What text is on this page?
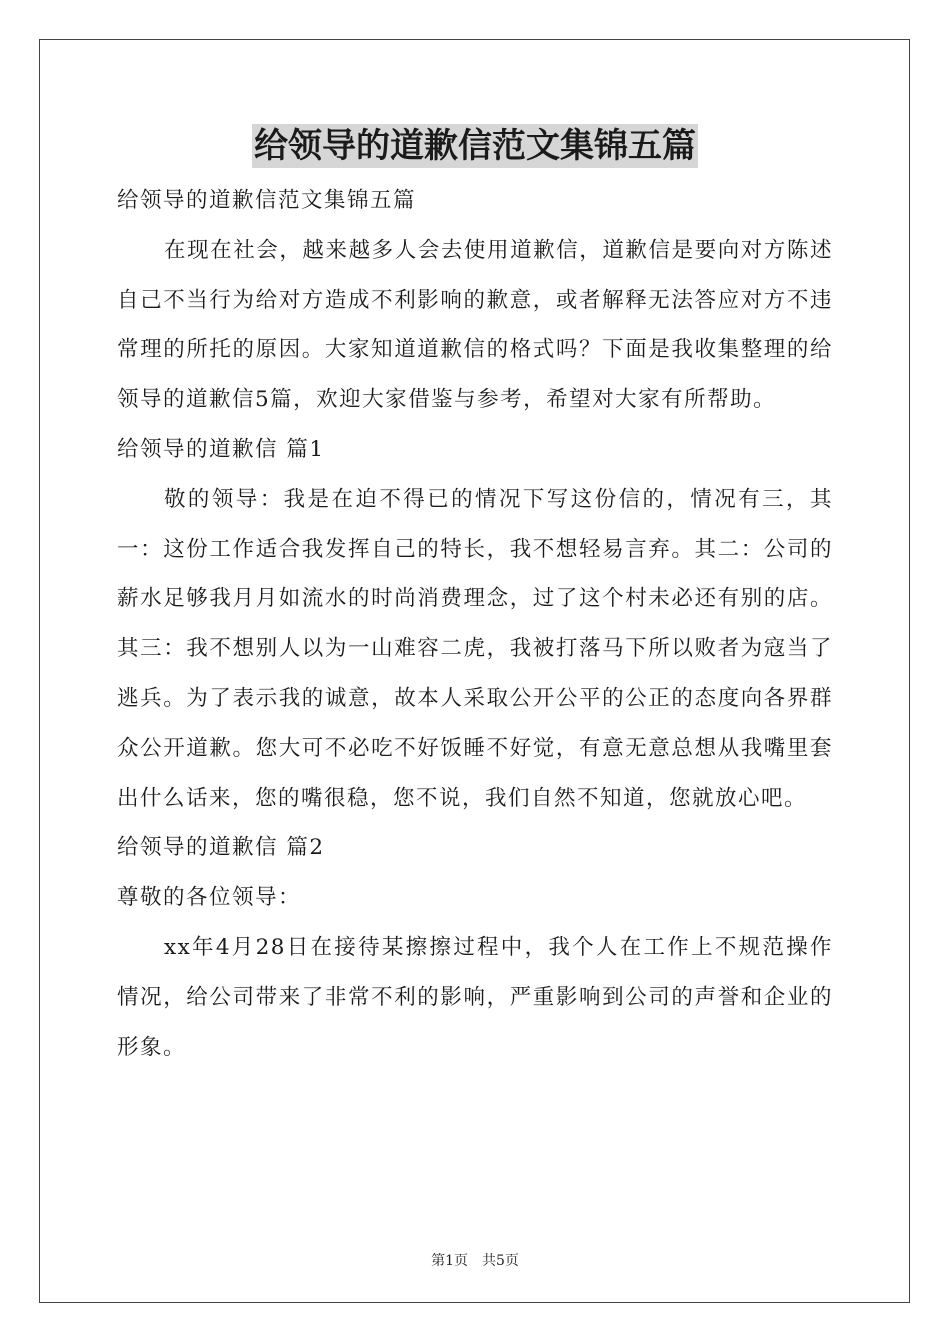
给领导的道歉信范文集锦五篇

给领导的道歉信范文集锦五篇

在现在社会，越来越多人会去使用道歉信，道歉信是要向对方陈述自己不当行为给对方造成不利影响的歉意，或者解释无法答应对方不违常理的所托的原因。大家知道道歉信的格式吗？下面是我收集整理的给领导的道歉信5篇，欢迎大家借鉴与参考，希望对大家有所帮助。

给领导的道歉信 篇1

敬的领导：我是在迫不得已的情况下写这份信的，情况有三，其一：这份工作适合我发挥自己的特长，我不想轻易言弃。其二：公司的薪水足够我月月如流水的时尚消费理念，过了这个村未必还有别的店。其三：我不想别人以为一山难容二虎，我被打落马下所以败者为寇当了逃兵。为了表示我的诚意，故本人采取公开公平的公正的态度向各界群众公开道歉。您大可不必吃不好饭睡不好觉，有意无意总想从我嘴里套出什么话来，您的嘴很稳，您不说，我们自然不知道，您就放心吧。

给领导的道歉信 篇2

尊敬的各位领导：

xx年4月28日在接待某擦擦过程中，我个人在工作上不规范操作情况，给公司带来了非常不利的影响，严重影响到公司的声誉和企业的形象。

第1页 共5页
